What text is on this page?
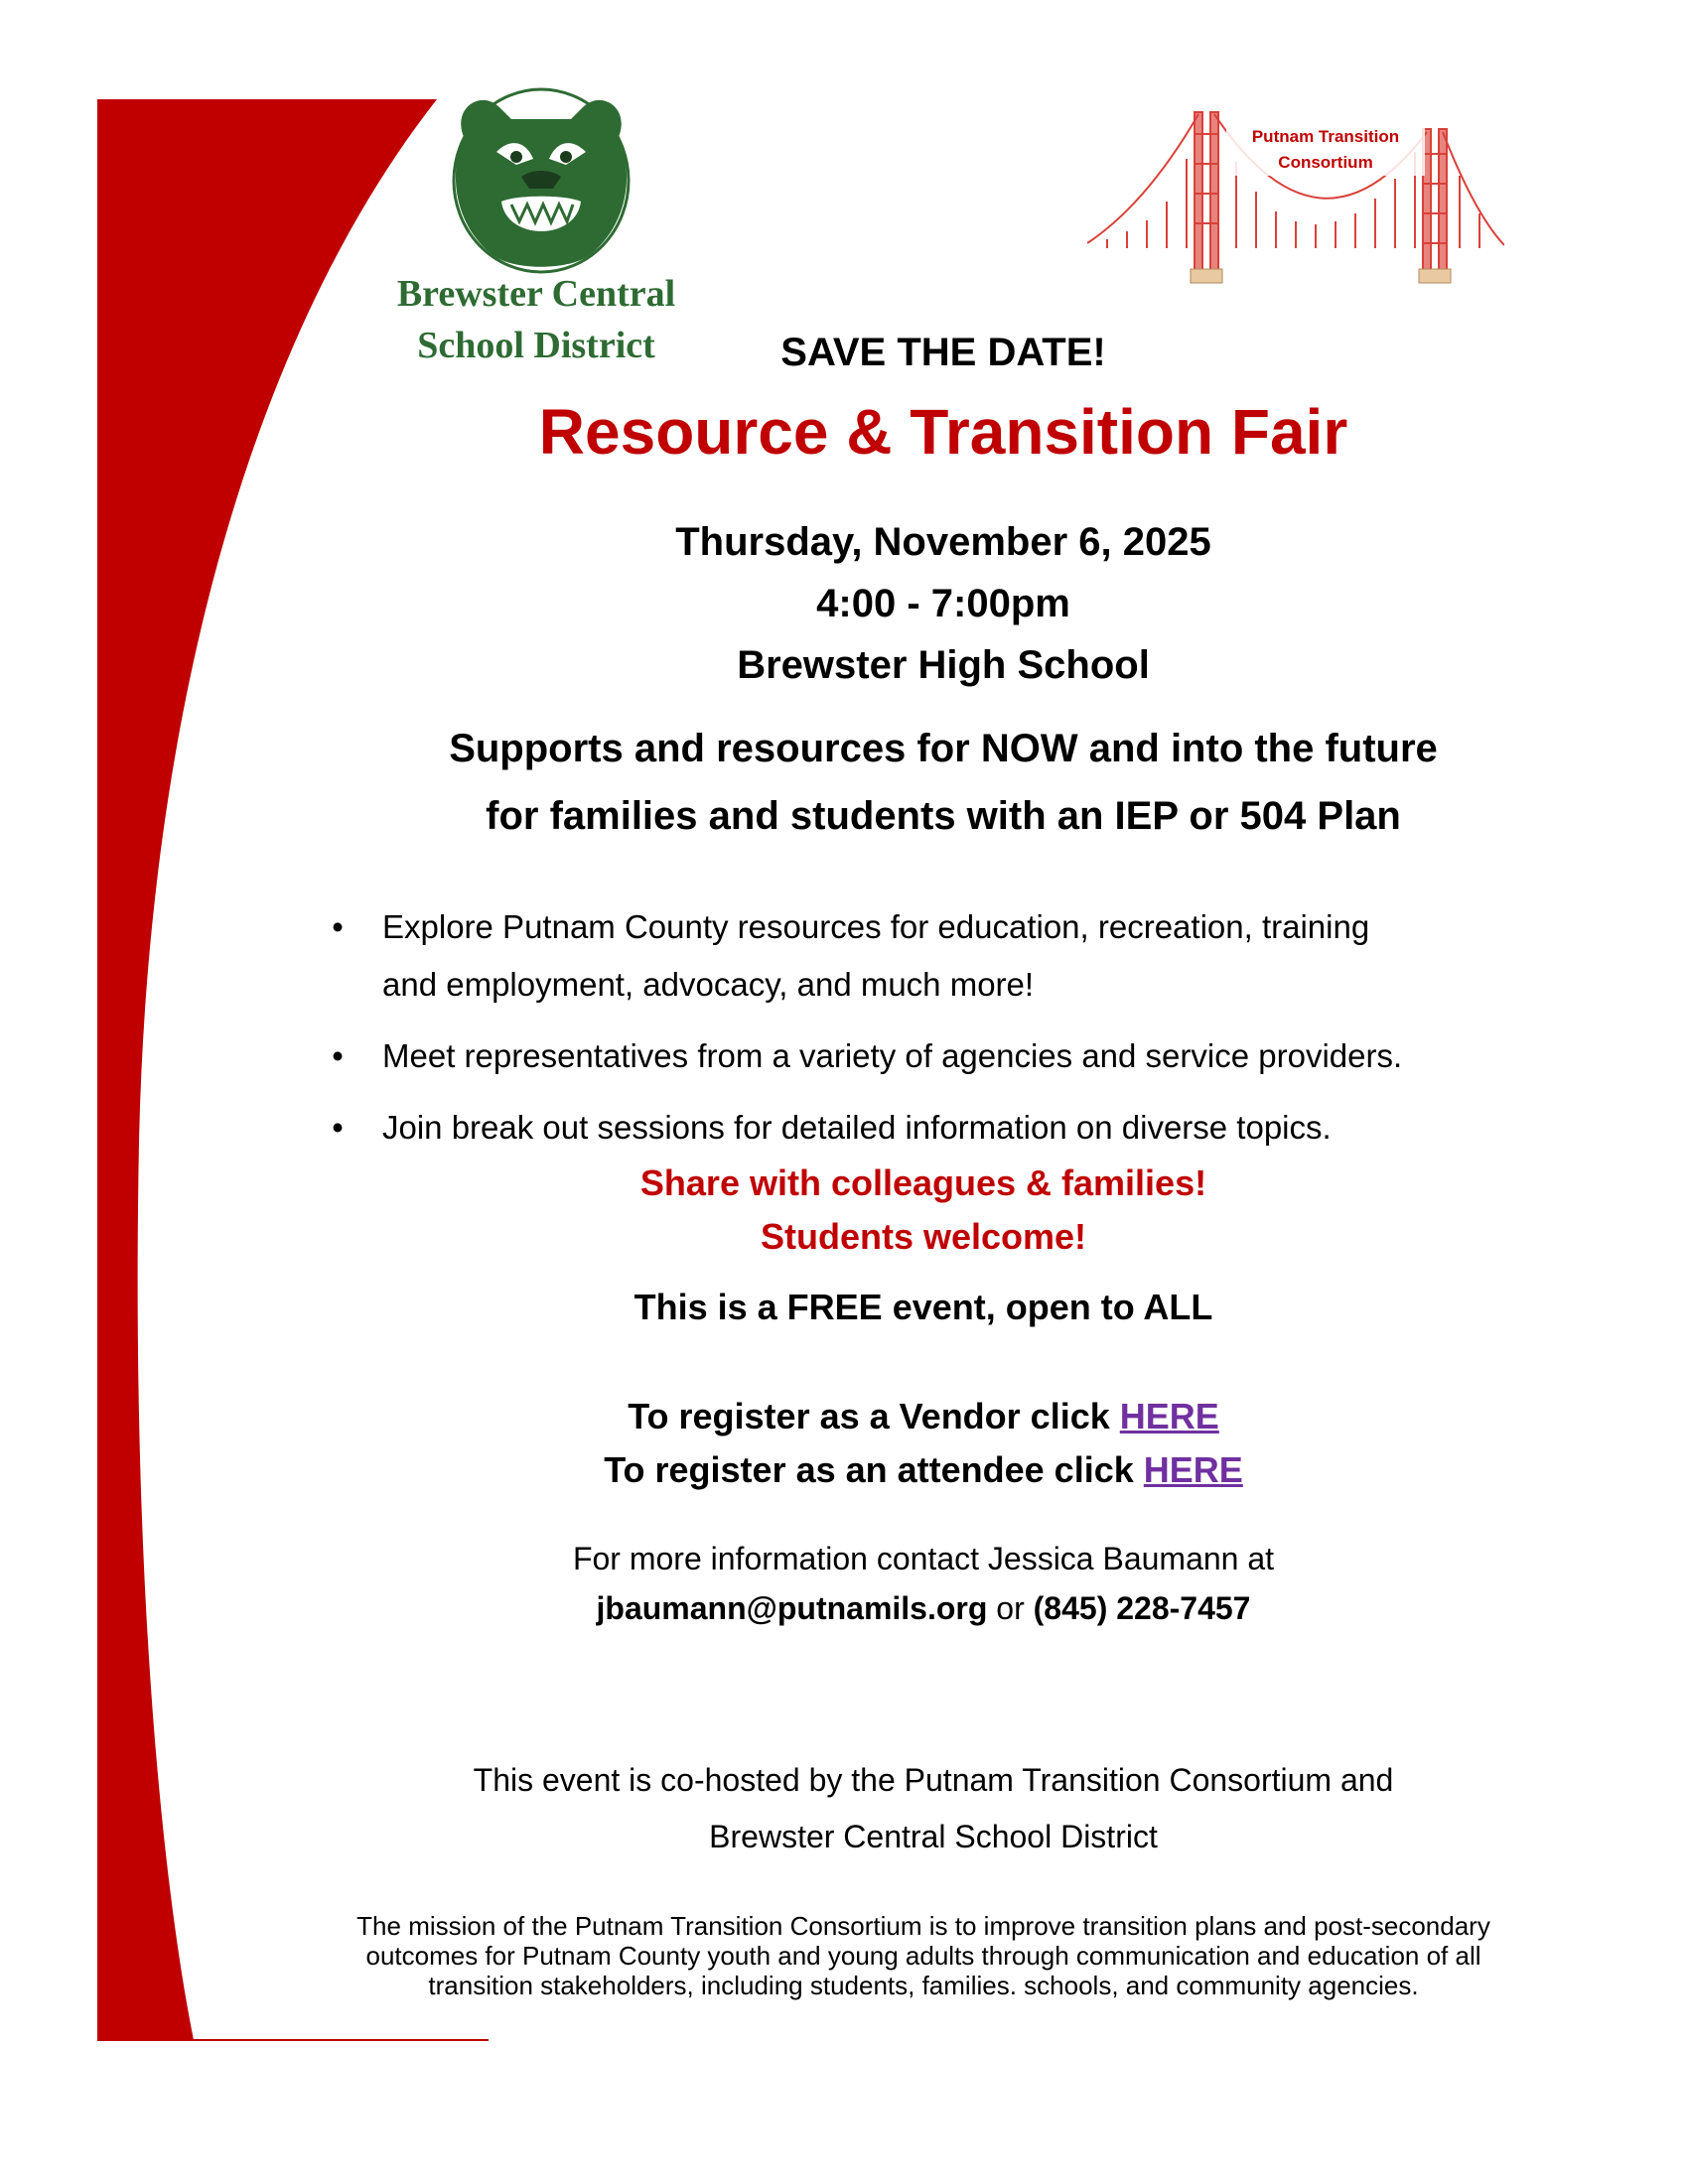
Brewster Central
School District
Putnam Transition
Consortium
SAVE THE DATE!
Resource & Transition Fair
Thursday, November 6, 2025
4:00 - 7:00pm
Brewster High School
Supports and resources for NOW and into the future
for families and students with an IEP or 504 Plan
• Explore Putnam County resources for education, recreation, training and employment, advocacy, and much more!
• Meet representatives from a variety of agencies and service providers.
• Join break out sessions for detailed information on diverse topics.
Share with colleagues & families!
Students welcome!
This is a FREE event, open to ALL
To register as a Vendor click HERE
To register as an attendee click HERE
For more information contact Jessica Baumann at
jbaumann@putnamils.org or (845) 228-7457
This event is co-hosted by the Putnam Transition Consortium and
Brewster Central School District
The mission of the Putnam Transition Consortium is to improve transition plans and post-secondary
outcomes for Putnam County youth and young adults through communication and education of all
transition stakeholders, including students, families. schools, and community agencies.
